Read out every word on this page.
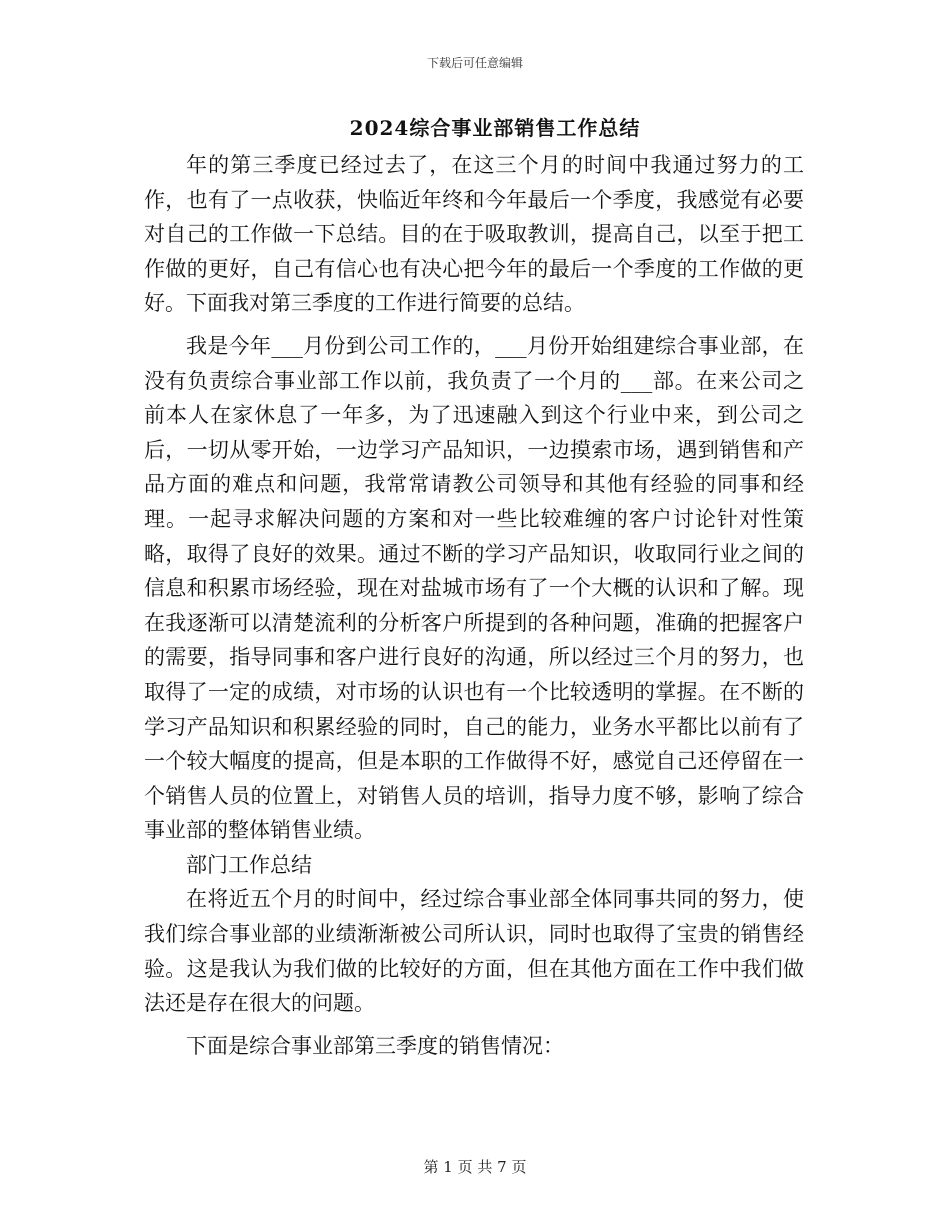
下载后可任意编辑
2024综合事业部销售工作总结

年的第三季度已经过去了，在这三个月的时间中我通过努力的工作，也有了一点收获，快临近年终和今年最后一个季度，我感觉有必要对自己的工作做一下总结。目的在于吸取教训，提高自己，以至于把工作做的更好，自己有信心也有决心把今年的最后一个季度的工作做的更好。下面我对第三季度的工作进行简要的总结。

我是今年___月份到公司工作的，___月份开始组建综合事业部，在没有负责综合事业部工作以前，我负责了一个月的___部。在来公司之前本人在家休息了一年多，为了迅速融入到这个行业中来，到公司之后，一切从零开始，一边学习产品知识，一边摸索市场，遇到销售和产品方面的难点和问题，我常常请教公司领导和其他有经验的同事和经理。一起寻求解决问题的方案和对一些比较难缠的客户讨论针对性策略，取得了良好的效果。通过不断的学习产品知识，收取同行业之间的信息和积累市场经验，现在对盐城市场有了一个大概的认识和了解。现在我逐渐可以清楚流利的分析客户所提到的各种问题，准确的把握客户的需要，指导同事和客户进行良好的沟通，所以经过三个月的努力，也取得了一定的成绩，对市场的认识也有一个比较透明的掌握。在不断的学习产品知识和积累经验的同时，自己的能力，业务水平都比以前有了一个较大幅度的提高，但是本职的工作做得不好，感觉自己还停留在一个销售人员的位置上，对销售人员的培训，指导力度不够，影响了综合事业部的整体销售业绩。

部门工作总结

在将近五个月的时间中，经过综合事业部全体同事共同的努力，使我们综合事业部的业绩渐渐被公司所认识，同时也取得了宝贵的销售经验。这是我认为我们做的比较好的方面，但在其他方面在工作中我们做法还是存在很大的问题。

下面是综合事业部第三季度的销售情况：

第 1 页 共 7 页
